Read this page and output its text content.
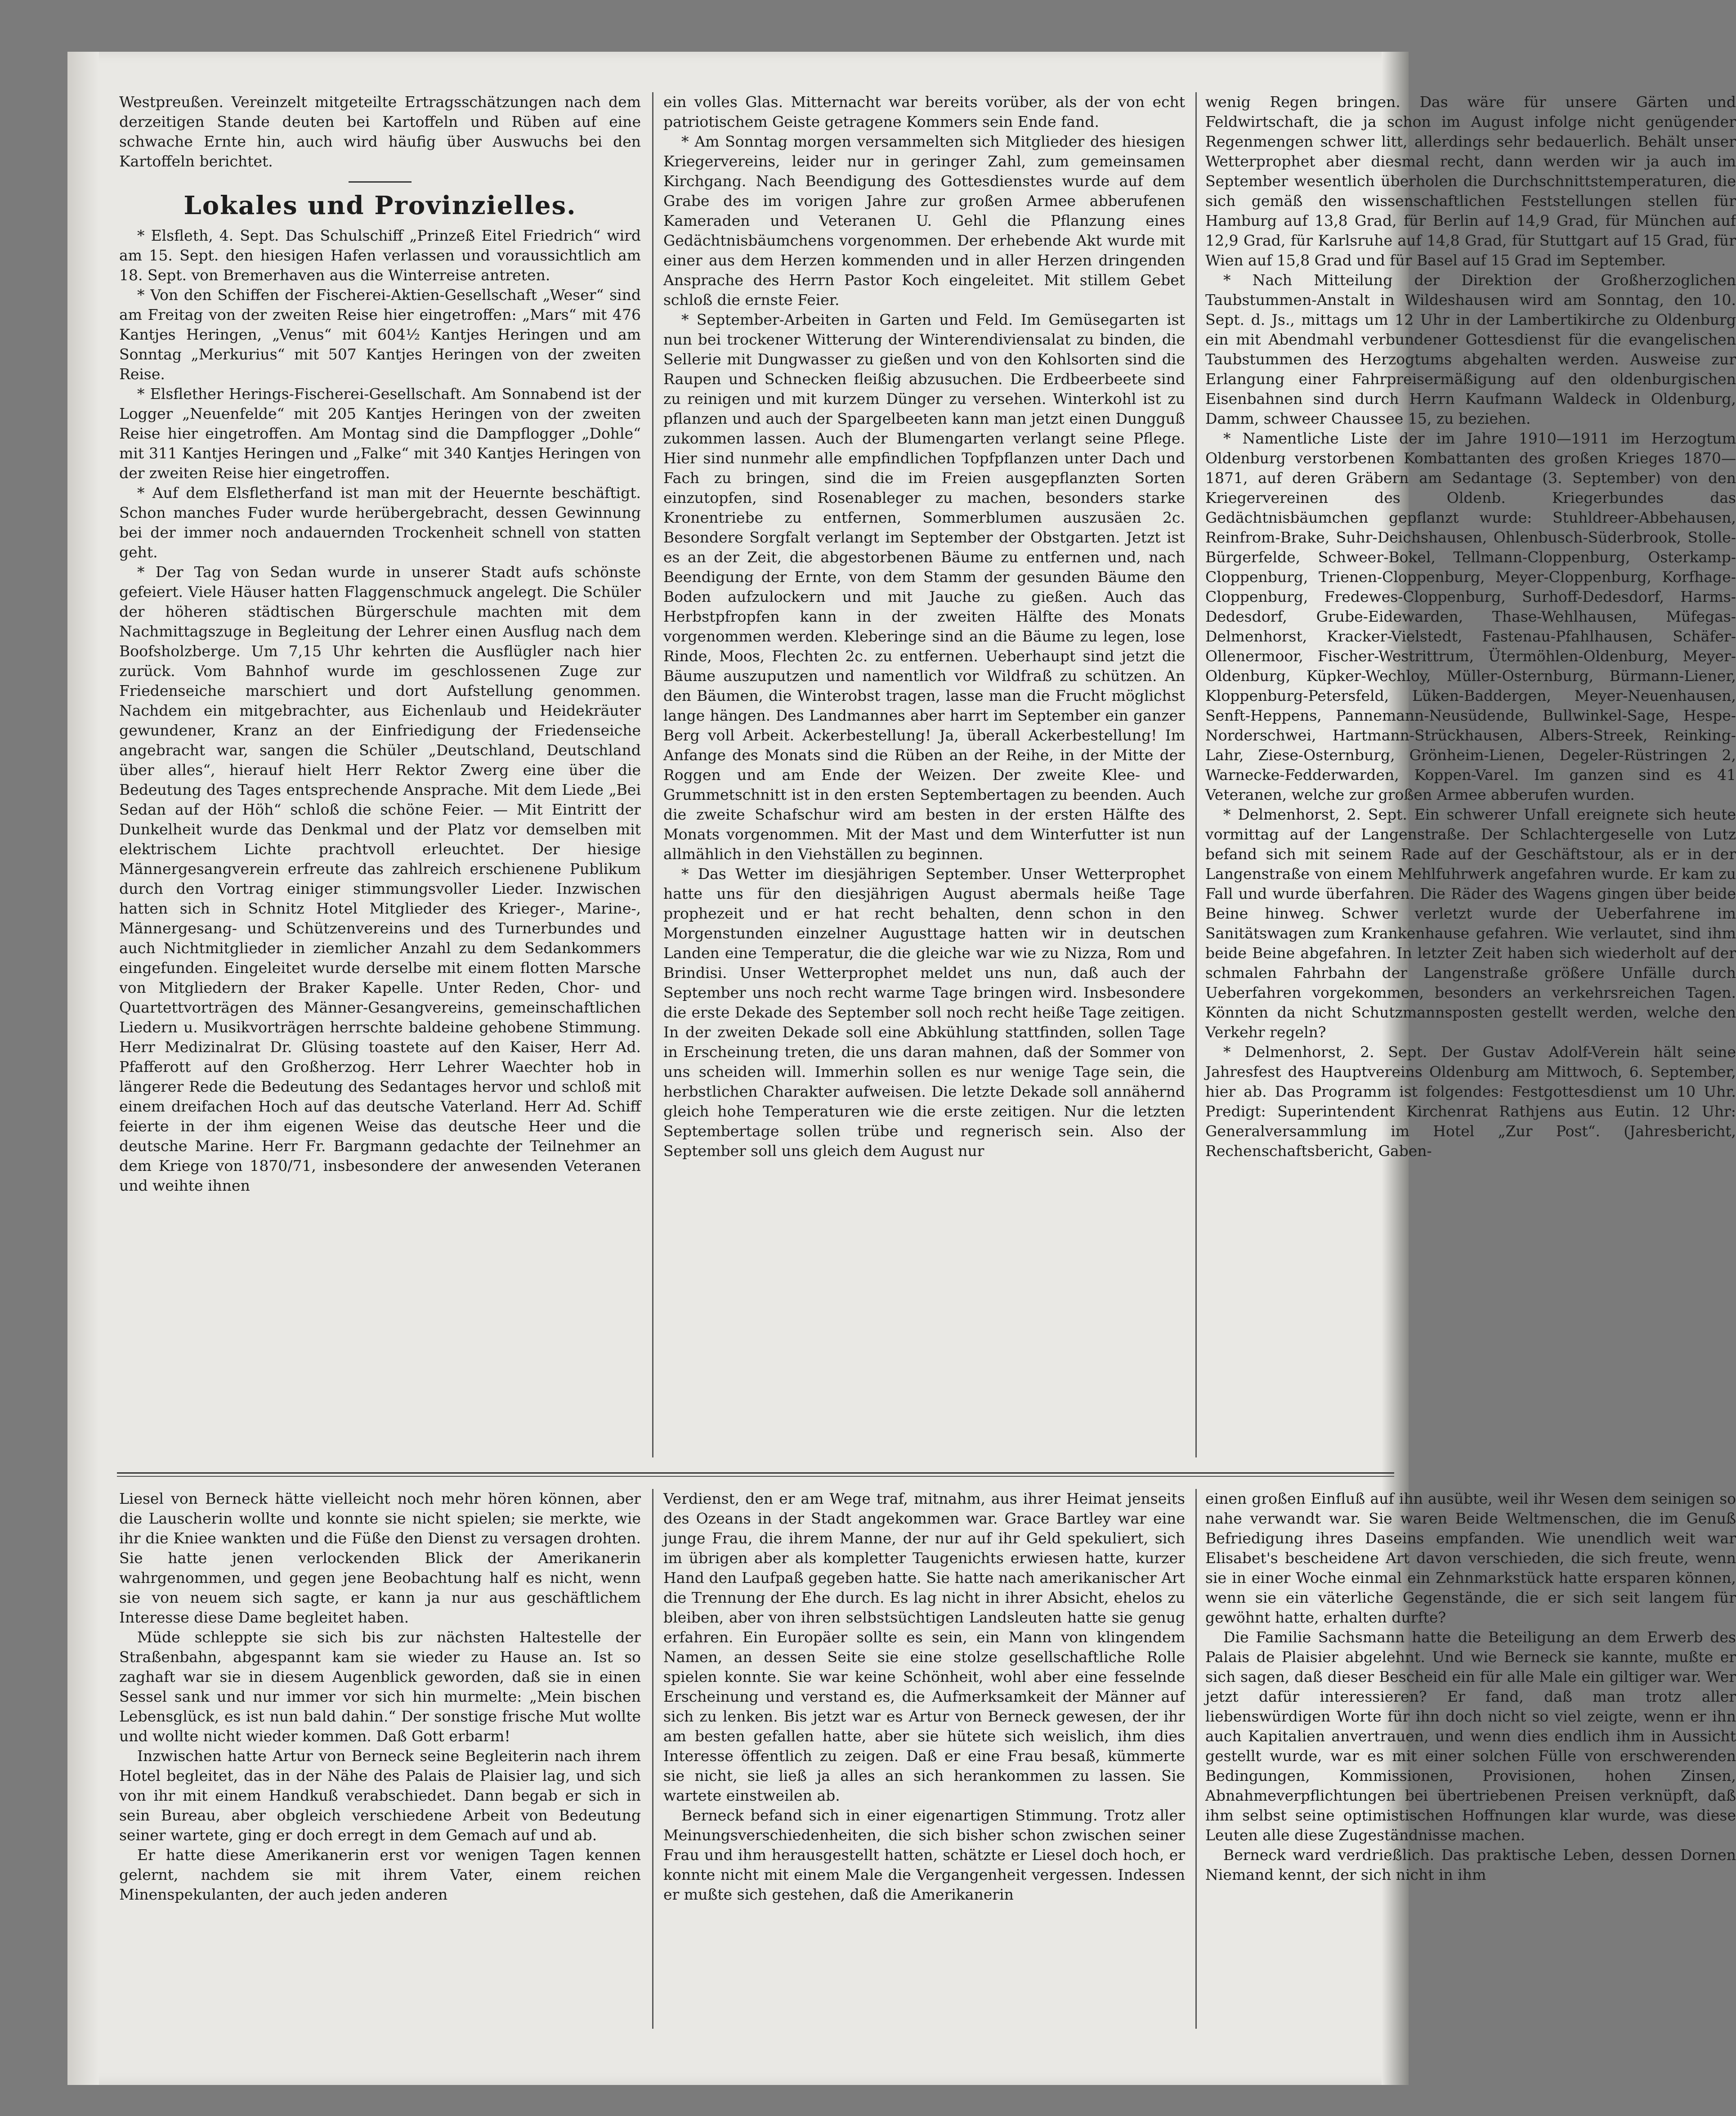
Westpreußen. Vereinzelt mitgeteilte Ertragsschätzungen nach dem derzeitigen Stande deuten bei Kartoffeln und Rüben auf eine schwache Ernte hin, auch wird häufig über Auswuchs bei den Kartoffeln berichtet.

Lokales und Provinzielles.

* Elsfleth, 4. Sept. Das Schulschiff „Prinzeß Eitel Friedrich“ wird am 15. Sept. den hiesigen Hafen verlassen und voraussichtlich am 18. Sept. von Bremerhaven aus die Winterreise antreten.

* Von den Schiffen der Fischerei-Aktien-Gesellschaft „Weser“ sind am Freitag von der zweiten Reise hier eingetroffen: „Mars“ mit 476 Kantjes Heringen, „Venus“ mit 604½ Kantjes Heringen und am Sonntag „Merkurius“ mit 507 Kantjes Heringen von der zweiten Reise.

* Elsflether Herings-Fischerei-Gesellschaft. Am Sonnabend ist der Logger „Neuenfelde“ mit 205 Kantjes Heringen von der zweiten Reise hier eingetroffen. Am Montag sind die Dampflogger „Dohle“ mit 311 Kantjes Heringen und „Falke“ mit 340 Kantjes Heringen von der zweiten Reise hier eingetroffen.

* Auf dem Elsfletherfand ist man mit der Heuernte beschäftigt. Schon manches Fuder wurde herübergebracht, dessen Gewinnung bei der immer noch andauernden Trockenheit schnell von statten geht.

* Der Tag von Sedan wurde in unserer Stadt aufs schönste gefeiert. Viele Häuser hatten Flaggenschmuck angelegt. Die Schüler der höheren städtischen Bürgerschule machten mit dem Nachmittagszuge in Begleitung der Lehrer einen Ausflug nach dem Boofsholzberge. Um 7,15 Uhr kehrten die Ausflügler nach hier zurück. Vom Bahnhof wurde im geschlossenen Zuge zur Friedenseiche marschiert und dort Aufstellung genommen. Nachdem ein mitgebrachter, aus Eichenlaub und Heidekräuter gewundener, Kranz an der Einfriedigung der Friedenseiche angebracht war, sangen die Schüler „Deutschland, Deutschland über alles“, hierauf hielt Herr Rektor Zwerg eine über die Bedeutung des Tages entsprechende Ansprache. Mit dem Liede „Bei Sedan auf der Höh“ schloß die schöne Feier. — Mit Eintritt der Dunkelheit wurde das Denkmal und der Platz vor demselben mit elektrischem Lichte prachtvoll erleuchtet. Der hiesige Männergesangverein erfreute das zahlreich erschienene Publikum durch den Vortrag einiger stimmungsvoller Lieder. Inzwischen hatten sich in Schnitz Hotel Mitglieder des Krieger-, Marine-, Männergesang- und Schützenvereins und des Turnerbundes und auch Nichtmitglieder in ziemlicher Anzahl zu dem Sedankommers eingefunden. Eingeleitet wurde derselbe mit einem flotten Marsche von Mitgliedern der Braker Kapelle. Unter Reden, Chor- und Quartettvorträgen des Männer-Gesangvereins, gemeinschaftlichen Liedern u. Musikvorträgen herrschte baldeine gehobene Stimmung. Herr Medizinalrat Dr. Glüsing toastete auf den Kaiser, Herr Ad. Pfafferott auf den Großherzog. Herr Lehrer Waechter hob in längerer Rede die Bedeutung des Sedantages hervor und schloß mit einem dreifachen Hoch auf das deutsche Vaterland. Herr Ad. Schiff feierte in der ihm eigenen Weise das deutsche Heer und die deutsche Marine. Herr Fr. Bargmann gedachte der Teilnehmer an dem Kriege von 1870/71, insbesondere der anwesenden Veteranen und weihte ihnen

ein volles Glas. Mitternacht war bereits vorüber, als der von echt patriotischem Geiste getragene Kommers sein Ende fand.

* Am Sonntag morgen versammelten sich Mitglieder des hiesigen Kriegervereins, leider nur in geringer Zahl, zum gemeinsamen Kirchgang. Nach Beendigung des Gottesdienstes wurde auf dem Grabe des im vorigen Jahre zur großen Armee abberufenen Kameraden und Veteranen U. Gehl die Pflanzung eines Gedächtnisbäumchens vorgenommen. Der erhebende Akt wurde mit einer aus dem Herzen kommenden und in aller Herzen dringenden Ansprache des Herrn Pastor Koch eingeleitet. Mit stillem Gebet schloß die ernste Feier.

* September-Arbeiten in Garten und Feld. Im Gemüsegarten ist nun bei trockener Witterung der Winterendiviensalat zu binden, die Sellerie mit Dungwasser zu gießen und von den Kohlsorten sind die Raupen und Schnecken fleißig abzusuchen. Die Erdbeerbeete sind zu reinigen und mit kurzem Dünger zu versehen. Winterkohl ist zu pflanzen und auch der Spargelbeeten kann man jetzt einen Dungguß zukommen lassen. Auch der Blumengarten verlangt seine Pflege. Hier sind nunmehr alle empfindlichen Topfpflanzen unter Dach und Fach zu bringen, sind die im Freien ausgepflanzten Sorten einzutopfen, sind Rosenableger zu machen, besonders starke Kronentriebe zu entfernen, Sommerblumen auszusäen 2c. Besondere Sorgfalt verlangt im September der Obstgarten. Jetzt ist es an der Zeit, die abgestorbenen Bäume zu entfernen und, nach Beendigung der Ernte, von dem Stamm der gesunden Bäume den Boden aufzulockern und mit Jauche zu gießen. Auch das Herbstpfropfen kann in der zweiten Hälfte des Monats vorgenommen werden. Kleberinge sind an die Bäume zu legen, lose Rinde, Moos, Flechten 2c. zu entfernen. Ueberhaupt sind jetzt die Bäume auszuputzen und namentlich vor Wildfraß zu schützen. An den Bäumen, die Winterobst tragen, lasse man die Frucht möglichst lange hängen. Des Landmannes aber harrt im September ein ganzer Berg voll Arbeit. Ackerbestellung! Ja, überall Ackerbestellung! Im Anfange des Monats sind die Rüben an der Reihe, in der Mitte der Roggen und am Ende der Weizen. Der zweite Klee- und Grummetschnitt ist in den ersten Septembertagen zu beenden. Auch die zweite Schafschur wird am besten in der ersten Hälfte des Monats vorgenommen. Mit der Mast und dem Winterfutter ist nun allmählich in den Viehställen zu beginnen.

* Das Wetter im diesjährigen September. Unser Wetterprophet hatte uns für den diesjährigen August abermals heiße Tage prophezeit und er hat recht behalten, denn schon in den Morgenstunden einzelner Augusttage hatten wir in deutschen Landen eine Temperatur, die die gleiche war wie zu Nizza, Rom und Brindisi. Unser Wetterprophet meldet uns nun, daß auch der September uns noch recht warme Tage bringen wird. Insbesondere die erste Dekade des September soll noch recht heiße Tage zeitigen. In der zweiten Dekade soll eine Abkühlung stattfinden, sollen Tage in Erscheinung treten, die uns daran mahnen, daß der Sommer von uns scheiden will. Immerhin sollen es nur wenige Tage sein, die herbstlichen Charakter aufweisen. Die letzte Dekade soll annähernd gleich hohe Temperaturen wie die erste zeitigen. Nur die letzten Septembertage sollen trübe und regnerisch sein. Also der September soll uns gleich dem August nur

wenig Regen bringen. Das wäre für unsere Gärten und Feldwirtschaft, die ja schon im August infolge nicht genügender Regenmengen schwer litt, allerdings sehr bedauerlich. Behält unser Wetterprophet aber diesmal recht, dann werden wir ja auch im September wesentlich überholen die Durchschnittstemperaturen, die sich gemäß den wissenschaftlichen Feststellungen stellen für Hamburg auf 13,8 Grad, für Berlin auf 14,9 Grad, für München auf 12,9 Grad, für Karlsruhe auf 14,8 Grad, für Stuttgart auf 15 Grad, für Wien auf 15,8 Grad und für Basel auf 15 Grad im September.

* Nach Mitteilung der Direktion der Großherzoglichen Taubstummen-Anstalt in Wildeshausen wird am Sonntag, den 10. Sept. d. Js., mittags um 12 Uhr in der Lambertikirche zu Oldenburg ein mit Abendmahl verbundener Gottesdienst für die evangelischen Taubstummen des Herzogtums abgehalten werden. Ausweise zur Erlangung einer Fahrpreisermäßigung auf den oldenburgischen Eisenbahnen sind durch Herrn Kaufmann Waldeck in Oldenburg, Damm, schweer Chaussee 15, zu beziehen.

* Namentliche Liste der im Jahre 1910—1911 im Herzogtum Oldenburg verstorbenen Kombattanten des großen Krieges 1870—1871, auf deren Gräbern am Sedantage (3. September) von den Kriegervereinen des Oldenb. Kriegerbundes das Gedächtnisbäumchen gepflanzt wurde: Stuhldreer-Abbehausen, Reinfrom-Brake, Suhr-Deichshausen, Ohlenbusch-Süderbrook, Stolle-Bürgerfelde, Schweer-Bokel, Tellmann-Cloppenburg, Osterkamp-Cloppenburg, Trienen-Cloppenburg, Meyer-Cloppenburg, Korfhage-Cloppenburg, Fredewes-Cloppenburg, Surhoff-Dedesdorf, Harms-Dedesdorf, Grube-Eidewarden, Thase-Wehlhausen, Müfegas-Delmenhorst, Kracker-Vielstedt, Fastenau-Pfahlhausen, Schäfer-Ollenermoor, Fischer-Westrittrum, Ütermöhlen-Oldenburg, Meyer-Oldenburg, Küpker-Wechloy, Müller-Osternburg, Bürmann-Liener, Kloppenburg-Petersfeld, Lüken-Baddergen, Meyer-Neuenhausen, Senft-Heppens, Pannemann-Neusüdende, Bullwinkel-Sage, Hespe-Norderschwei, Hartmann-Strückhausen, Albers-Streek, Reinking-Lahr, Ziese-Osternburg, Grönheim-Lienen, Degeler-Rüstringen 2, Warnecke-Fedderwarden, Koppen-Varel. Im ganzen sind es 41 Veteranen, welche zur großen Armee abberufen wurden.

* Delmenhorst, 2. Sept. Ein schwerer Unfall ereignete sich heute vormittag auf der Langenstraße. Der Schlachtergeselle von Lutz befand sich mit seinem Rade auf der Geschäftstour, als er in der Langenstraße von einem Mehlfuhrwerk angefahren wurde. Er kam zu Fall und wurde überfahren. Die Räder des Wagens gingen über beide Beine hinweg. Schwer verletzt wurde der Ueberfahrene im Sanitätswagen zum Krankenhause gefahren. Wie verlautet, sind ihm beide Beine abgefahren. In letzter Zeit haben sich wiederholt auf der schmalen Fahrbahn der Langenstraße größere Unfälle durch Ueberfahren vorgekommen, besonders an verkehrsreichen Tagen. Könnten da nicht Schutzmannsposten gestellt werden, welche den Verkehr regeln?

* Delmenhorst, 2. Sept. Der Gustav Adolf-Verein hält seine Jahresfest des Hauptvereins Oldenburg am Mittwoch, 6. September, hier ab. Das Programm ist folgendes: Festgottesdienst um 10 Uhr. Predigt: Superintendent Kirchenrat Rathjens aus Eutin. 12 Uhr: Generalversammlung im Hotel „Zur Post“. (Jahresbericht, Rechenschaftsbericht, Gaben-

Liesel von Berneck hätte vielleicht noch mehr hören können, aber die Lauscherin wollte und konnte sie nicht spielen; sie merkte, wie ihr die Kniee wankten und die Füße den Dienst zu versagen drohten. Sie hatte jenen verlockenden Blick der Amerikanerin wahrgenommen, und gegen jene Beobachtung half es nicht, wenn sie von neuem sich sagte, er kann ja nur aus geschäftlichem Interesse diese Dame begleitet haben.

Müde schleppte sie sich bis zur nächsten Haltestelle der Straßenbahn, abgespannt kam sie wieder zu Hause an. Ist so zaghaft war sie in diesem Augenblick geworden, daß sie in einen Sessel sank und nur immer vor sich hin murmelte: „Mein bischen Lebensglück, es ist nun bald dahin.“ Der sonstige frische Mut wollte und wollte nicht wieder kommen. Daß Gott erbarm!

Inzwischen hatte Artur von Berneck seine Begleiterin nach ihrem Hotel begleitet, das in der Nähe des Palais de Plaisier lag, und sich von ihr mit einem Handkuß verabschiedet. Dann begab er sich in sein Bureau, aber obgleich verschiedene Arbeit von Bedeutung seiner wartete, ging er doch erregt in dem Gemach auf und ab.

Er hatte diese Amerikanerin erst vor wenigen Tagen kennen gelernt, nachdem sie mit ihrem Vater, einem reichen Minenspekulanten, der auch jeden anderen

Verdienst, den er am Wege traf, mitnahm, aus ihrer Heimat jenseits des Ozeans in der Stadt angekommen war. Grace Bartley war eine junge Frau, die ihrem Manne, der nur auf ihr Geld spekuliert, sich im übrigen aber als kompletter Taugenichts erwiesen hatte, kurzer Hand den Laufpaß gegeben hatte. Sie hatte nach amerikanischer Art die Trennung der Ehe durch. Es lag nicht in ihrer Absicht, ehelos zu bleiben, aber von ihren selbstsüchtigen Landsleuten hatte sie genug erfahren. Ein Europäer sollte es sein, ein Mann von klingendem Namen, an dessen Seite sie eine stolze gesellschaftliche Rolle spielen konnte. Sie war keine Schönheit, wohl aber eine fesselnde Erscheinung und verstand es, die Aufmerksamkeit der Männer auf sich zu lenken. Bis jetzt war es Artur von Berneck gewesen, der ihr am besten gefallen hatte, aber sie hütete sich weislich, ihm dies Interesse öffentlich zu zeigen. Daß er eine Frau besaß, kümmerte sie nicht, sie ließ ja alles an sich herankommen zu lassen. Sie wartete einstweilen ab.

Berneck befand sich in einer eigenartigen Stimmung. Trotz aller Meinungsverschiedenheiten, die sich bisher schon zwischen seiner Frau und ihm herausgestellt hatten, schätzte er Liesel doch hoch, er konnte nicht mit einem Male die Vergangenheit vergessen. Indessen er mußte sich gestehen, daß die Amerikanerin

einen großen Einfluß auf ihn ausübte, weil ihr Wesen dem seinigen so nahe verwandt war. Sie waren Beide Weltmenschen, die im Genuß Befriedigung ihres Daseins empfanden. Wie unendlich weit war Elisabet's bescheidene Art davon verschieden, die sich freute, wenn sie in einer Woche einmal ein Zehnmarkstück hatte ersparen können, wenn sie ein väterliche Gegenstände, die er sich seit langem für gewöhnt hatte, erhalten durfte?

Die Familie Sachsmann hatte die Beteiligung an dem Erwerb des Palais de Plaisier abgelehnt. Und wie Berneck sie kannte, mußte er sich sagen, daß dieser Bescheid ein für alle Male ein giltiger war. Wer jetzt dafür interessieren? Er fand, daß man trotz aller liebenswürdigen Worte für ihn doch nicht so viel zeigte, wenn er ihn auch Kapitalien anvertrauen, und wenn dies endlich ihm in Aussicht gestellt wurde, war es mit einer solchen Fülle von erschwerenden Bedingungen, Kommissionen, Provisionen, hohen Zinsen, Abnahmeverpflichtungen bei übertriebenen Preisen verknüpft, daß ihm selbst seine optimistischen Hoffnungen klar wurde, was diese Leuten alle diese Zugeständnisse machen.

Berneck ward verdrießlich. Das praktische Leben, dessen Dornen Niemand kennt, der sich nicht in ihm
